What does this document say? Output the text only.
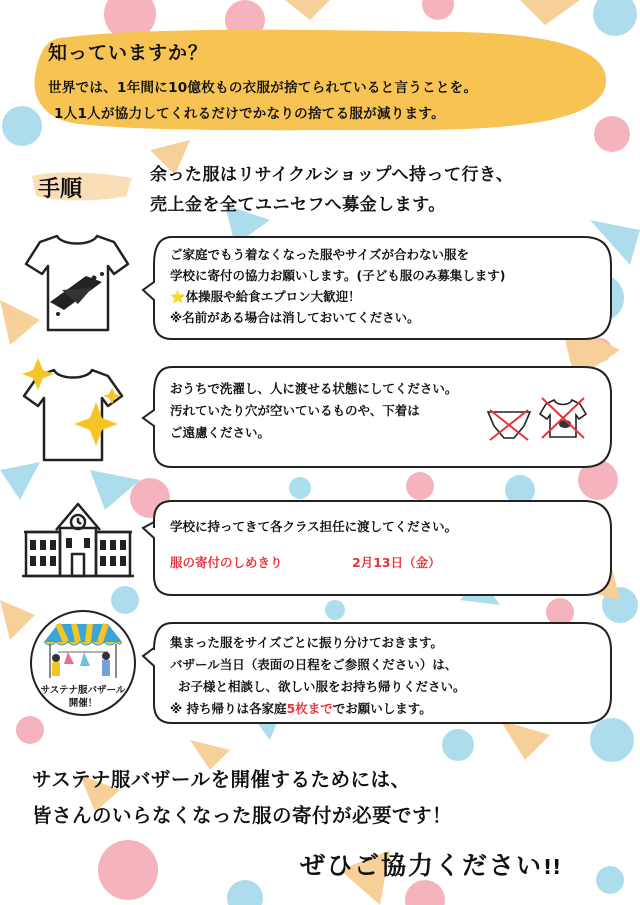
知っていますか？
世界では、1年間に10億枚もの衣服が捨てられていると言うことを。
1人1人が協力してくれるだけでかなりの捨てる服が減ります。
手順
余った服はリサイクルショップへ持って行き、
売上金を全てユニセフへ募金します。
ご家庭でもう着なくなった服やサイズが合わない服を
学校に寄付の協力お願いします。(子ども服のみ募集します)
⭐体操服や給食エプロン大歓迎！
※名前がある場合は消しておいてください。
おうちで洗濯し、人に渡せる状態にしてください。
汚れていたり穴が空いているものや、下着は
ご遠慮ください。
学校に持ってきて各クラス担任に渡してください。
服の寄付のしめきり	2月13日（金）
サステナ服バザール
開催！
集まった服をサイズごとに振り分けておきます。
バザール当日（表面の日程をご参照ください）は、
お子様と相談し、欲しい服をお持ち帰りください。
※ 持ち帰りは各家庭5枚まででお願いします。
サステナ服バザールを開催するためには、
皆さんのいらなくなった服の寄付が必要です！
ぜひご協力ください!!
